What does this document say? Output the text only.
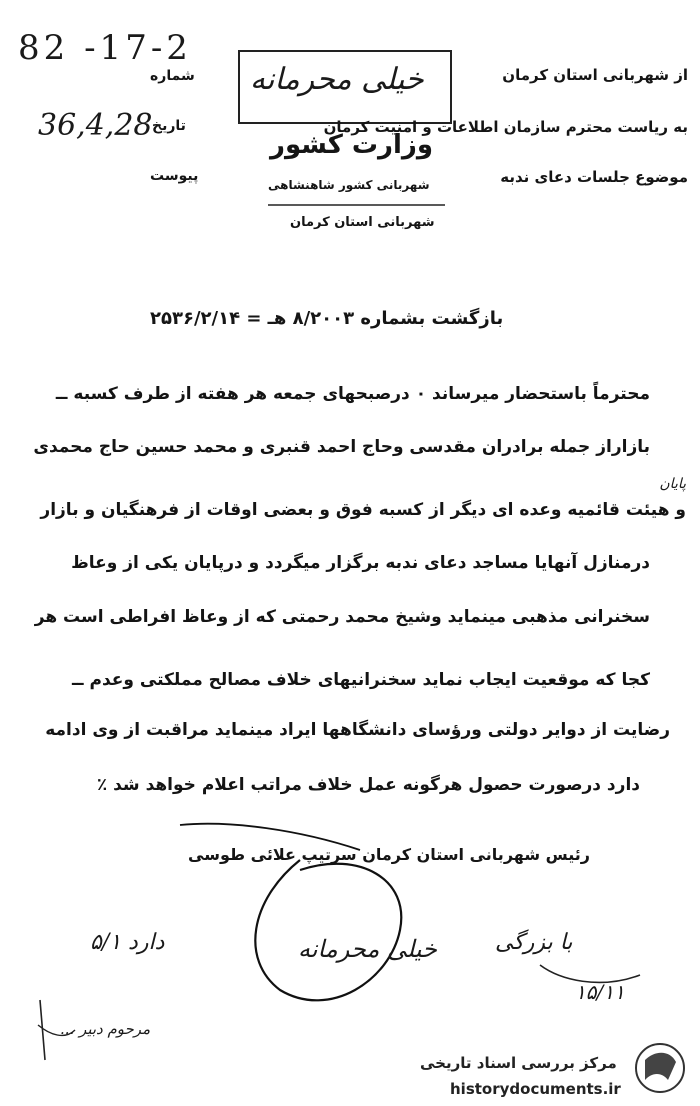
82 -17-2
شماره
36,4,28 تاریخ
پیوست
خیلی محرمانه
وزارت کشور
شهربانی کشور شاهنشاهی
شهربانی استان کرمان
از شهربانی استان کرمان
به ریاست محترم سازمان اطلاعات و امنیت کرمان
موضوع جلسات دعای ندبه
بازگشت بشماره ۸/۲۰۰۳ هـ = ۲۵۳۶/۲/۱۴
محترماً باستحضار میرساند ۰ درصبحهای جمعه هر هفته از طرف کسبه ــ
بازاراز جمله برادران مقدسی وحاج احمد قنبری و محمد حسین حاج محمدی
و هیئت قائمیه وعده ای دیگر از کسبه فوق و بعضی اوقات از فرهنگیان و بازار
پایان
درمنازل آنهایا مساجد دعای ندبه برگزار میگردد و درپایان یکی از وعاظ
سخنرانی مذهبی مینماید وشیخ محمد رحمتی که از وعاظ افراطی است هر
کجا که موقعیت ایجاب نماید سخنرانیهای خلاف مصالح مملکتی وعدم ــ
رضایت از دوایر دولتی ورؤسای دانشگاهها ایراد مینماید مراقبت از وی ادامه
دارد درصورت حصول هرگونه عمل خلاف مراتب اعلام خواهد شد ٪
رئیس شهربانی استان کرمان سرتیپ علائی طوسی
خیلی محرمانه
۵/۱ دارد	با بزرگی
۱۵/۱۱
مرحوم دبیر ...
مرکز بررسی اسناد تاریخی
historydocuments.ir
